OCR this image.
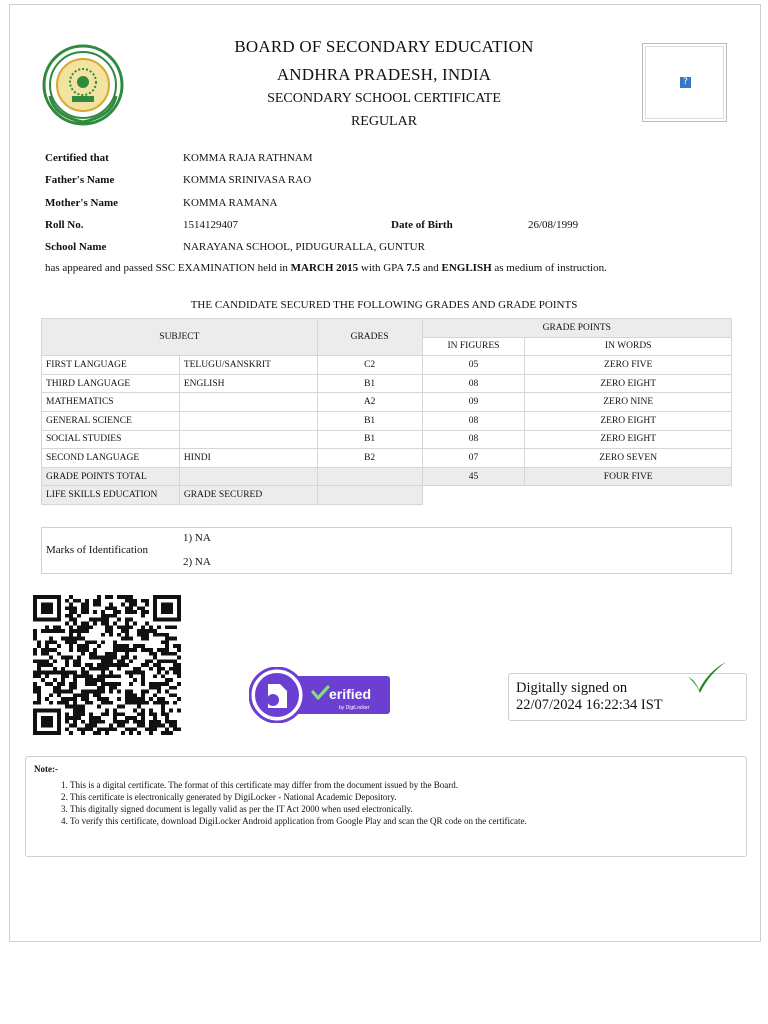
BOARD OF SECONDARY EDUCATION
ANDHRA PRADESH, INDIA
SECONDARY SCHOOL CERTIFICATE
REGULAR
?
Certified that	KOMMA RAJA RATHNAM
Father's Name	KOMMA SRINIVASA RAO
Mother's Name	KOMMA RAMANA
Roll No.	1514129407	Date of Birth	26/08/1999
School Name	NARAYANA SCHOOL, PIDUGURALLA, GUNTUR
has appeared and passed SSC EXAMINATION held in MARCH 2015 with GPA 7.5 and ENGLISH as medium of instruction.
THE CANDIDATE SECURED THE FOLLOWING GRADES AND GRADE POINTS
SUBJECT		GRADES	GRADE POINTS	
			IN FIGURES	IN WORDS
FIRST LANGUAGE	TELUGU/SANSKRIT	C2	05	ZERO FIVE
THIRD LANGUAGE	ENGLISH	B1	08	ZERO EIGHT
MATHEMATICS		A2	09	ZERO NINE
GENERAL SCIENCE		B1	08	ZERO EIGHT
SOCIAL STUDIES		B1	08	ZERO EIGHT
SECOND LANGUAGE	HINDI	B2	07	ZERO SEVEN
GRADE POINTS TOTAL			45	FOUR FIVE
LIFE SKILLS EDUCATION	GRADE SECURED			
Marks of Identification
1) NA
2) NA
erified
by DigiLocker
Digitally signed on
22/07/2024 16:22:34 IST
Note:-
1. This is a digital certificate. The format of this certificate may differ from the document issued by the Board.
2. This certificate is electronically generated by DigiLocker - National Academic Depository.
3. This digitally signed document is legally valid as per the IT Act 2000 when used electronically.
4. To verify this certificate, download DigiLocker Android application from Google Play and scan the QR code on the certificate.
